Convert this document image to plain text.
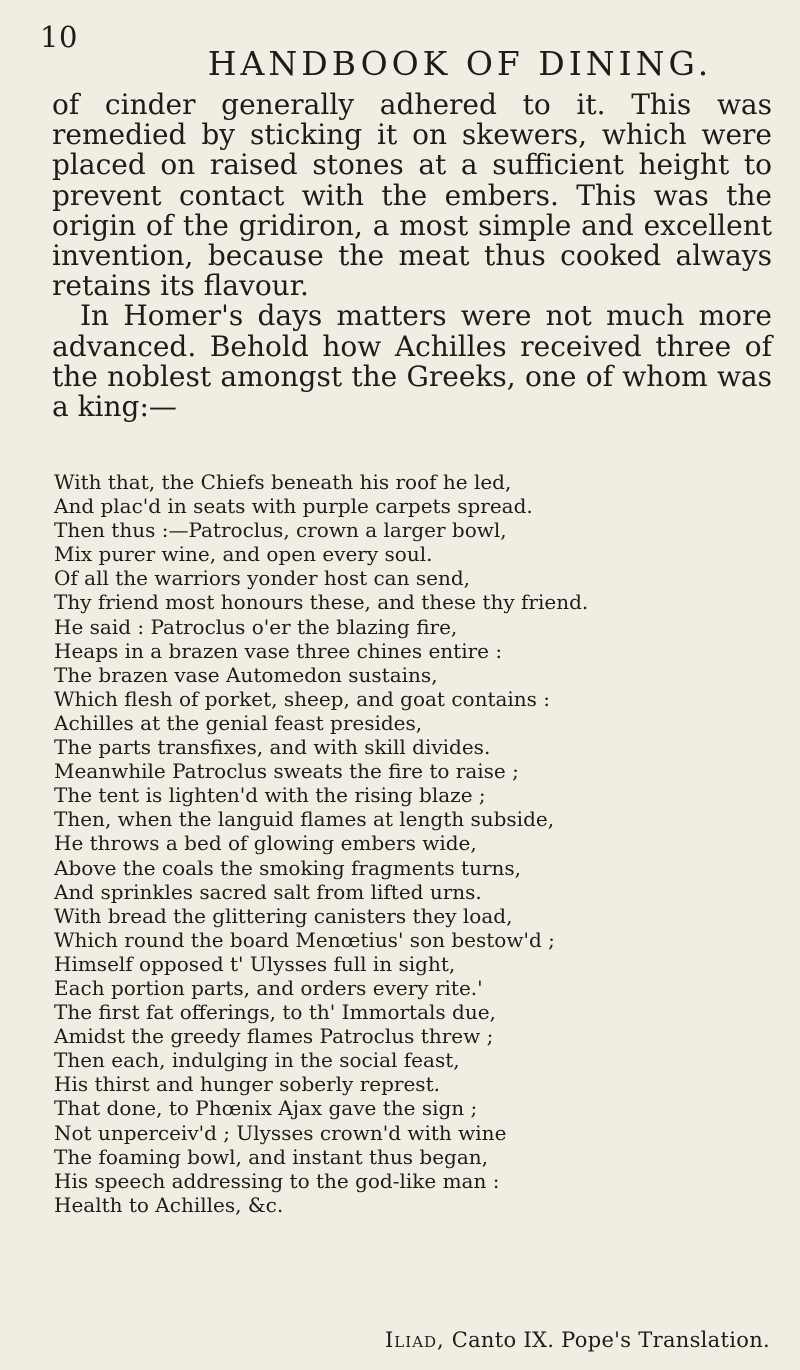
10
HANDBOOK OF DINING.

of cinder generally adhered to it. This was remedied by sticking it on skewers, which were placed on raised stones at a sufficient height to prevent contact with the embers. This was the origin of the gridiron, a most simple and excellent invention, because the meat thus cooked always retains its flavour.

In Homer's days matters were not much more advanced. Behold how Achilles received three of the noblest amongst the Greeks, one of whom was a king:—

With that, the Chiefs beneath his roof he led,
And plac'd in seats with purple carpets spread.
Then thus :—Patroclus, crown a larger bowl,
Mix purer wine, and open every soul.
Of all the warriors yonder host can send,
Thy friend most honours these, and these thy friend.
He said : Patroclus o'er the blazing fire,
Heaps in a brazen vase three chines entire :
The brazen vase Automedon sustains,
Which flesh of porket, sheep, and goat contains :
Achilles at the genial feast presides,
The parts transfixes, and with skill divides.
Meanwhile Patroclus sweats the fire to raise ;
The tent is lighten'd with the rising blaze ;
Then, when the languid flames at length subside,
He throws a bed of glowing embers wide,
Above the coals the smoking fragments turns,
And sprinkles sacred salt from lifted urns.
With bread the glittering canisters they load,
Which round the board Menœtius' son bestow'd ;
Himself opposed t' Ulysses full in sight,
Each portion parts, and orders every rite.'
The first fat offerings, to th' Immortals due,
Amidst the greedy flames Patroclus threw ;
Then each, indulging in the social feast,
His thirst and hunger soberly represt.
That done, to Phœnix Ajax gave the sign ;
Not unperceiv'd ; Ulysses crown'd with wine
The foaming bowl, and instant thus began,
His speech addressing to the god-like man :
Health to Achilles, &c.
Iliad, Canto IX. Pope's Translation.
